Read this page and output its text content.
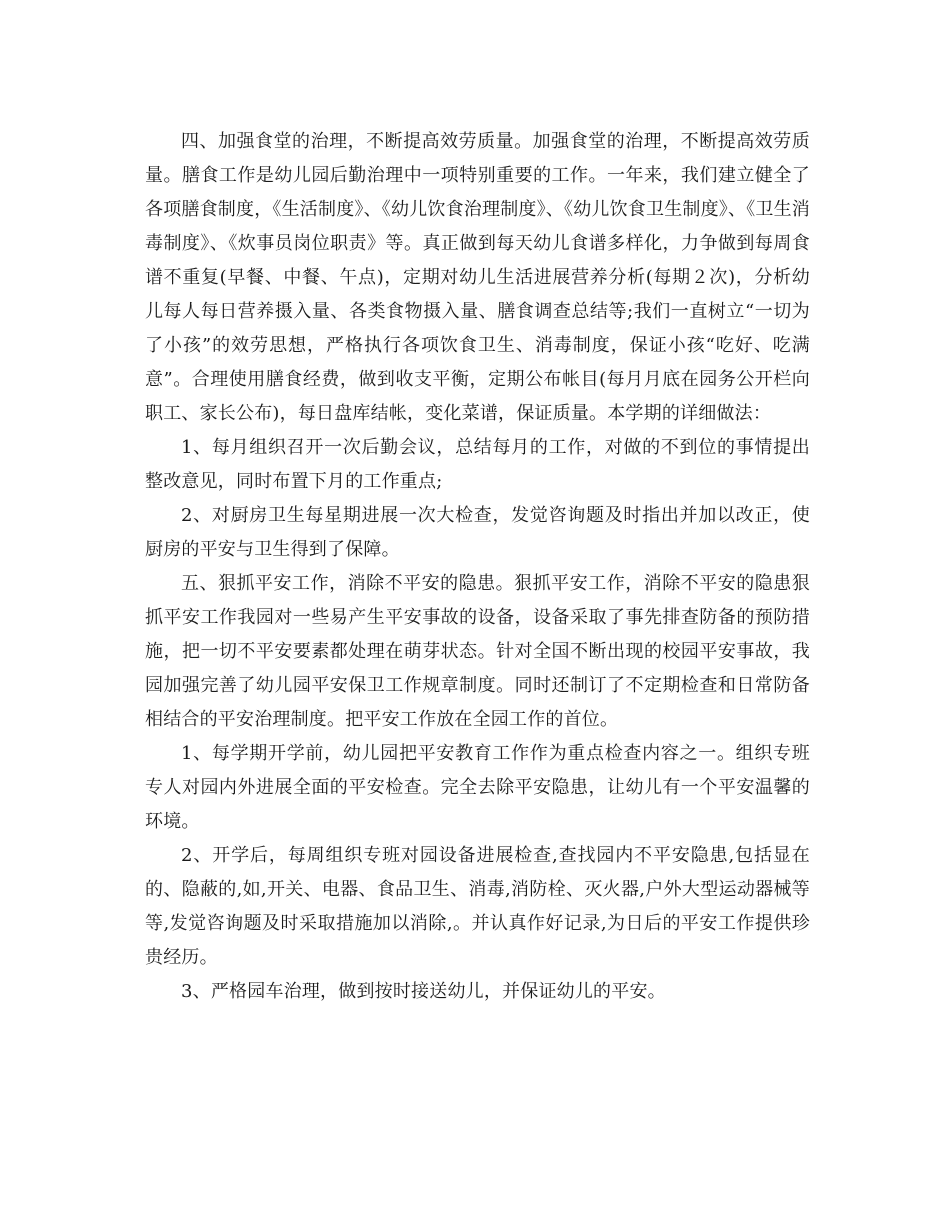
四、加强食堂的治理，不断提高效劳质量。加强食堂的治理，不断提高效劳质量。膳食工作是幼儿园后勤治理中一项特别重要的工作。一年来，我们建立健全了各项膳食制度，《生活制度》、《幼儿饮食治理制度》、《幼儿饮食卫生制度》、《卫生消毒制度》、《炊事员岗位职责》等。真正做到每天幼儿食谱多样化，力争做到每周食谱不重复(早餐、中餐、午点)，定期对幼儿生活进展营养分析(每期２次)，分析幼儿每人每日营养摄入量、各类食物摄入量、膳食调查总结等;我们一直树立“一切为了小孩”的效劳思想，严格执行各项饮食卫生、消毒制度，保证小孩“吃好、吃满意”。合理使用膳食经费，做到收支平衡，定期公布帐目(每月月底在园务公开栏向职工、家长公布)，每日盘库结帐，变化菜谱，保证质量。本学期的详细做法：

1、每月组织召开一次后勤会议，总结每月的工作，对做的不到位的事情提出整改意见，同时布置下月的工作重点;

2、对厨房卫生每星期进展一次大检查，发觉咨询题及时指出并加以改正，使厨房的平安与卫生得到了保障。

五、狠抓平安工作，消除不平安的隐患。狠抓平安工作，消除不平安的隐患狠抓平安工作我园对一些易产生平安事故的设备，设备采取了事先排查防备的预防措施，把一切不平安要素都处理在萌芽状态。针对全国不断出现的校园平安事故，我园加强完善了幼儿园平安保卫工作规章制度。同时还制订了不定期检查和日常防备相结合的平安治理制度。把平安工作放在全园工作的首位。

1、每学期开学前，幼儿园把平安教育工作作为重点检查内容之一。组织专班专人对园内外进展全面的平安检查。完全去除平安隐患，让幼儿有一个平安温馨的环境。

2、开学后，每周组织专班对园设备进展检查,查找园内不平安隐患,包括显在的、隐蔽的,如,开关、电器、食品卫生、消毒,消防栓、灭火器,户外大型运动器械等等,发觉咨询题及时采取措施加以消除,。并认真作好记录,为日后的平安工作提供珍贵经历。

3、严格园车治理，做到按时接送幼儿，并保证幼儿的平安。
